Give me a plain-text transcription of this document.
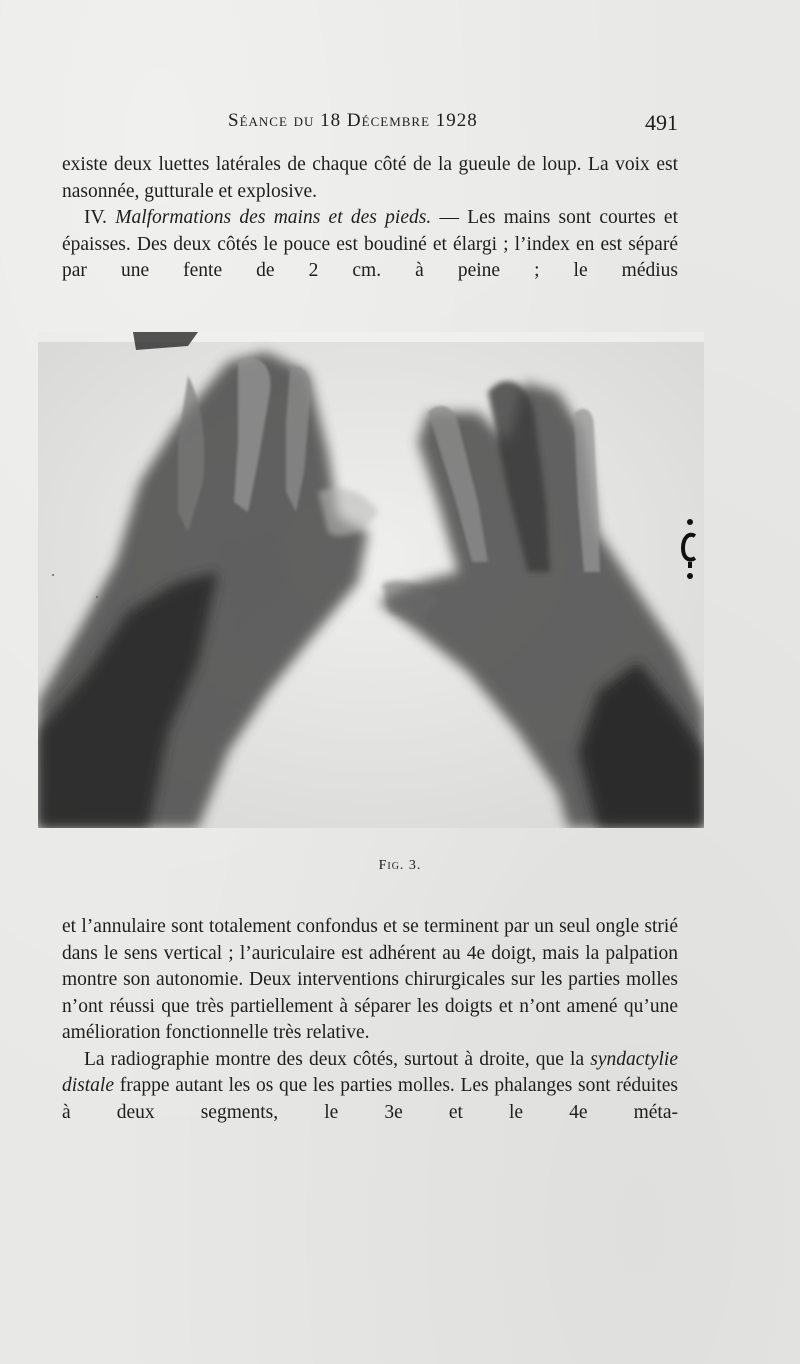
Séance du 18 Décembre 1928	491

existe deux luettes latérales de chaque côté de la gueule de loup. La voix est nasonnée, gutturale et explosive.

IV. Malformations des mains et des pieds. — Les mains sont courtes et épaisses. Des deux côtés le pouce est boudiné et élargi ; l’index en est séparé par une fente de 2 cm. à peine ; le médius

Fig. 3.

et l’annulaire sont totalement confondus et se terminent par un seul ongle strié dans le sens vertical ; l’auriculaire est adhérent au 4e doigt, mais la palpation montre son autonomie. Deux interventions chirurgicales sur les parties molles n’ont réussi que très partiellement à séparer les doigts et n’ont amené qu’une amélioration fonctionnelle très relative.

La radiographie montre des deux côtés, surtout à droite, que la syndactylie distale frappe autant les os que les parties molles. Les phalanges sont réduites à deux segments, le 3e et le 4e méta-
